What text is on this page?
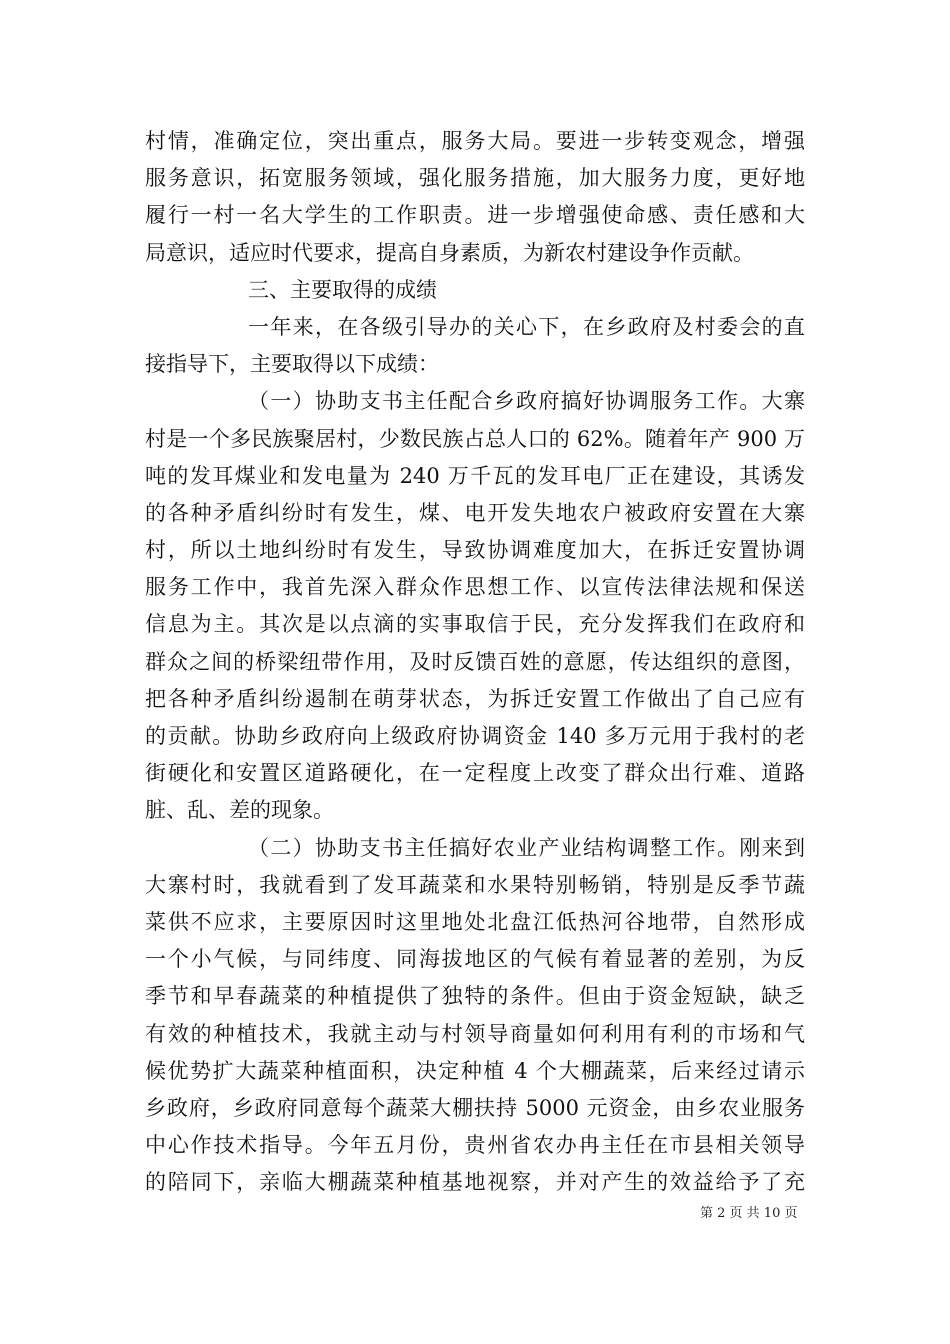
村情，准确定位，突出重点，服务大局。要进一步转变观念，增强
服务意识，拓宽服务领域，强化服务措施，加大服务力度，更好地
履行一村一名大学生的工作职责。进一步增强使命感、责任感和大
局意识，适应时代要求，提高自身素质，为新农村建设争作贡献。
三、主要取得的成绩
一年来，在各级引导办的关心下，在乡政府及村委会的直
接指导下，主要取得以下成绩：
（一）协助支书主任配合乡政府搞好协调服务工作。大寨
村是一个多民族聚居村，少数民族占总人口的 62%。随着年产 900 万
吨的发耳煤业和发电量为 240 万千瓦的发耳电厂正在建设，其诱发
的各种矛盾纠纷时有发生，煤、电开发失地农户被政府安置在大寨
村，所以土地纠纷时有发生，导致协调难度加大，在拆迁安置协调
服务工作中，我首先深入群众作思想工作、以宣传法律法规和保送
信息为主。其次是以点滴的实事取信于民，充分发挥我们在政府和
群众之间的桥梁纽带作用，及时反馈百姓的意愿，传达组织的意图，
把各种矛盾纠纷遏制在萌芽状态，为拆迁安置工作做出了自己应有
的贡献。协助乡政府向上级政府协调资金 140 多万元用于我村的老
街硬化和安置区道路硬化，在一定程度上改变了群众出行难、道路
脏、乱、差的现象。
（二）协助支书主任搞好农业产业结构调整工作。刚来到
大寨村时，我就看到了发耳蔬菜和水果特别畅销，特别是反季节蔬
菜供不应求，主要原因时这里地处北盘江低热河谷地带，自然形成
一个小气候，与同纬度、同海拔地区的气候有着显著的差别，为反
季节和早春蔬菜的种植提供了独特的条件。但由于资金短缺，缺乏
有效的种植技术，我就主动与村领导商量如何利用有利的市场和气
候优势扩大蔬菜种植面积，决定种植 4 个大棚蔬菜，后来经过请示
乡政府，乡政府同意每个蔬菜大棚扶持 5000 元资金，由乡农业服务
中心作技术指导。今年五月份，贵州省农办冉主任在市县相关领导
的陪同下，亲临大棚蔬菜种植基地视察，并对产生的效益给予了充
第 2 页 共 10 页
